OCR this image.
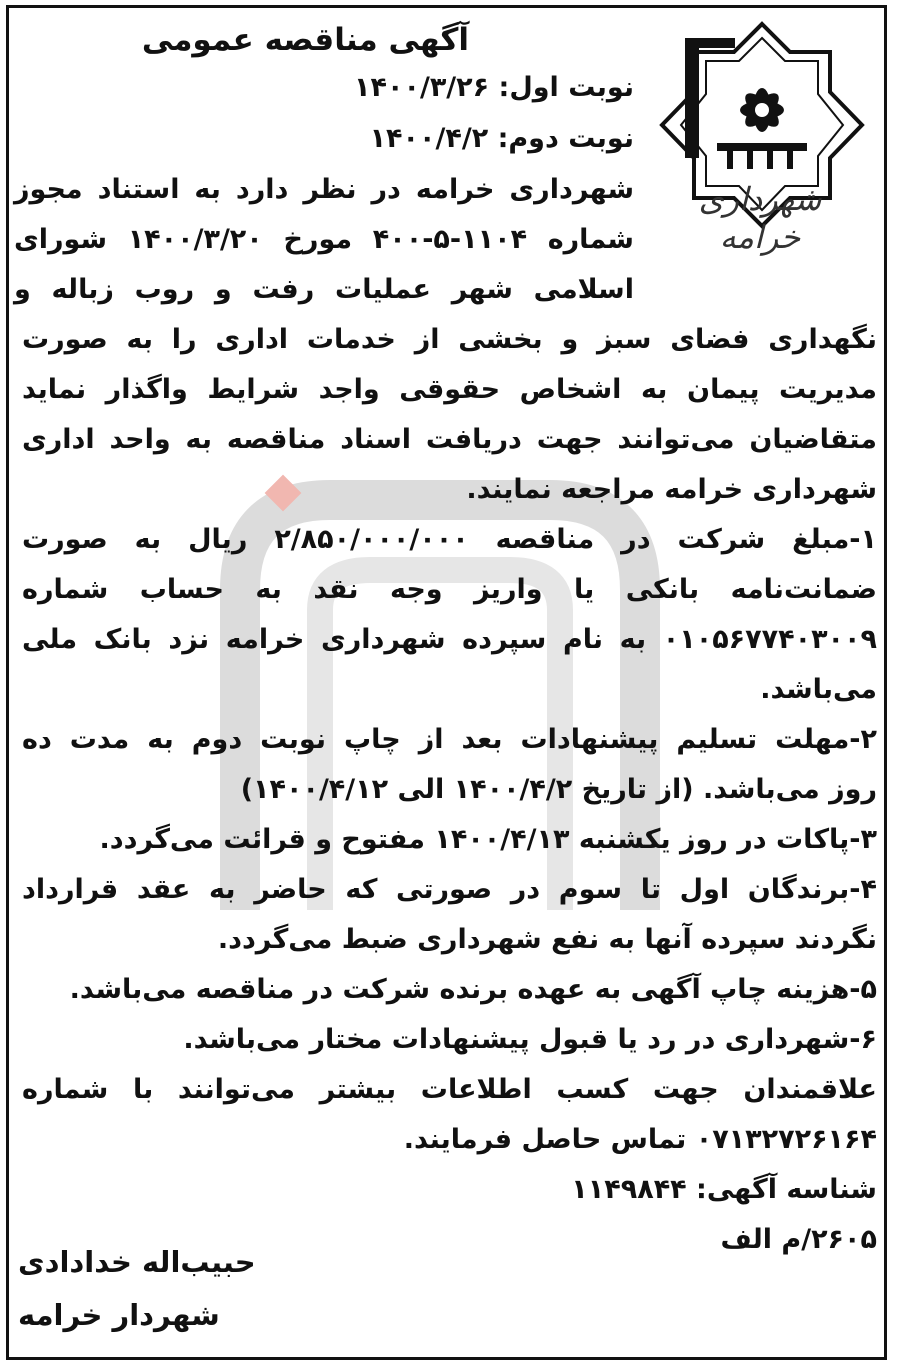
شهرداری خرامه
آگهی مناقصه عمومی
نوبت اول: ۱۴۰۰/۳/۲۶
نوبت دوم: ۱۴۰۰/۴/۲
شهرداری خرامه در نظر دارد به استناد مجوز
شماره ۱۱۰۴-۵-۴۰۰ مورخ ۱۴۰۰/۳/۲۰ شورای
اسلامی شهر عملیات رفت و روب زباله و
نگهداری فضای سبز و بخشی از خدمات اداری را به صورت
مدیریت پیمان به اشخاص حقوقی واجد شرایط واگذار نماید
متقاضیان می‌توانند جهت دریافت اسناد مناقصه به واحد اداری
شهرداری خرامه مراجعه نمایند.
۱-مبلغ شرکت در مناقصه ۲/۸۵۰/۰۰۰/۰۰۰ ریال به صورت
ضمانت‌نامه بانکی یا واریز وجه نقد به حساب شماره
۰۱۰۵۶۷۷۴۰۳۰۰۹ به نام سپرده شهرداری خرامه نزد بانک ملی
می‌باشد.
۲-مهلت تسلیم پیشنهادات بعد از چاپ نوبت دوم به مدت ده
روز می‌باشد. (از تاریخ ۱۴۰۰/۴/۲ الی ۱۴۰۰/۴/۱۲)
۳-پاکات در روز یکشنبه ۱۴۰۰/۴/۱۳ مفتوح و قرائت می‌گردد.
۴-برندگان اول تا سوم در صورتی که حاضر به عقد قرارداد
نگردند سپرده آنها به نفع شهرداری ضبط می‌گردد.
۵-هزینه چاپ آگهی به عهده برنده شرکت در مناقصه می‌باشد.
۶-شهرداری در رد یا قبول پیشنهادات مختار می‌باشد.
علاقمندان جهت کسب اطلاعات بیشتر می‌توانند با شماره
۰۷۱۳۲۷۲۶۱۶۴ تماس حاصل فرمایند.
شناسه آگهی: ۱۱۴۹۸۴۴
۲۶۰۵/م الف
حبیب‌اله خدادادی
شهردار خرامه
